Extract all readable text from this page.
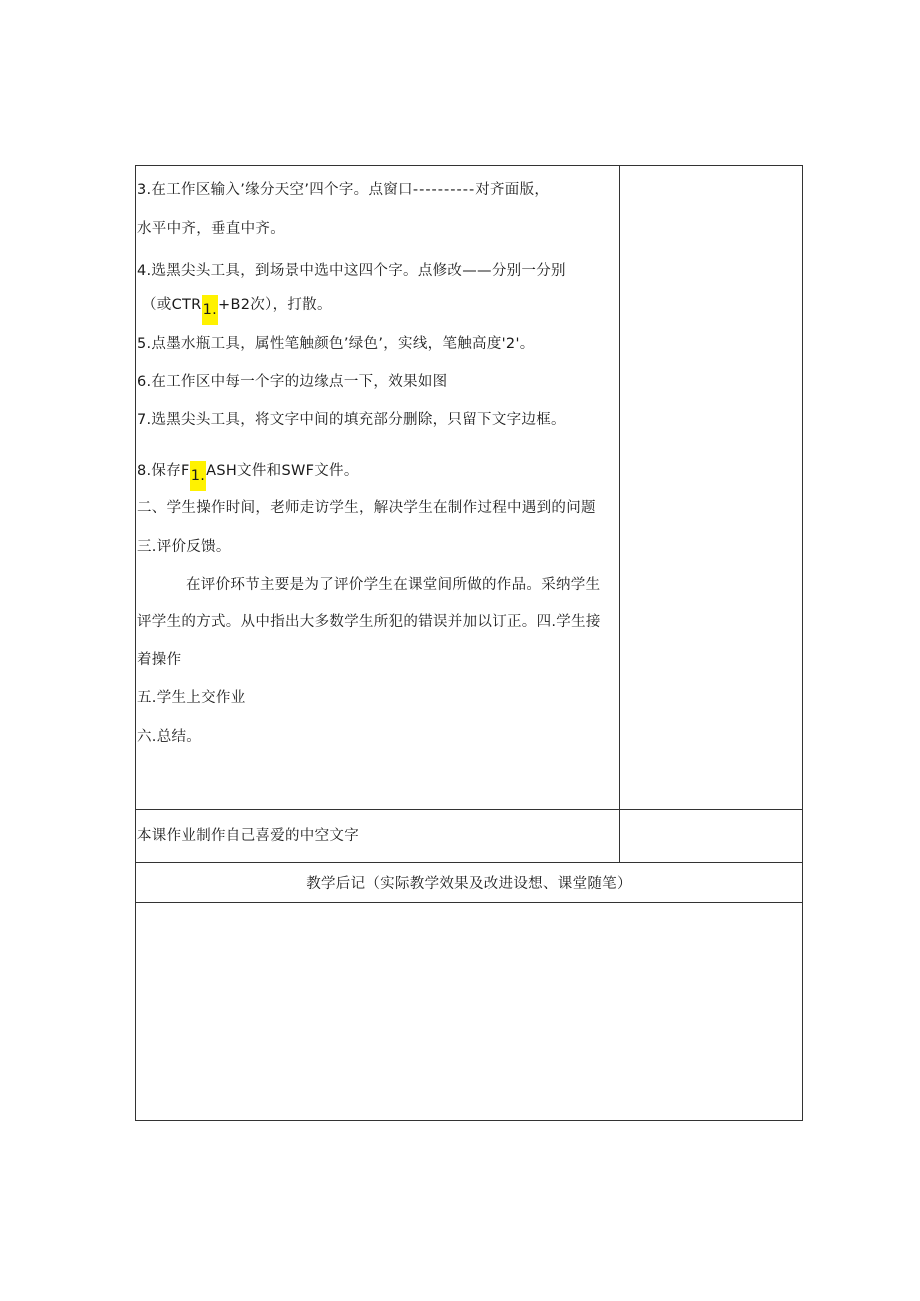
3.在工作区输入’缘分天空’四个字。点窗口----------对齐面版，
水平中齐，垂直中齐。
4.选黑尖头工具，到场景中选中这四个字。点修改——分别一分别
（或CTR1.+B2次），打散。
5.点墨水瓶工具，属性笔触颜色’绿色’，实线，笔触高度'2'。
6.在工作区中每一个字的边缘点一下，效果如图
7.选黑尖头工具，将文字中间的填充部分删除，只留下文字边框。
8.保存F1.ASH文件和SWF文件。
二、学生操作时间，老师走访学生，解决学生在制作过程中遇到的问题
三.评价反馈。
在评价环节主要是为了评价学生在课堂间所做的作品。采纳学生
评学生的方式。从中指出大多数学生所犯的错误并加以订正。四.学生接
着操作
五.学生上交作业
六.总结。
本课作业制作自己喜爱的中空文字
教学后记（实际教学效果及改进设想、课堂随笔）
